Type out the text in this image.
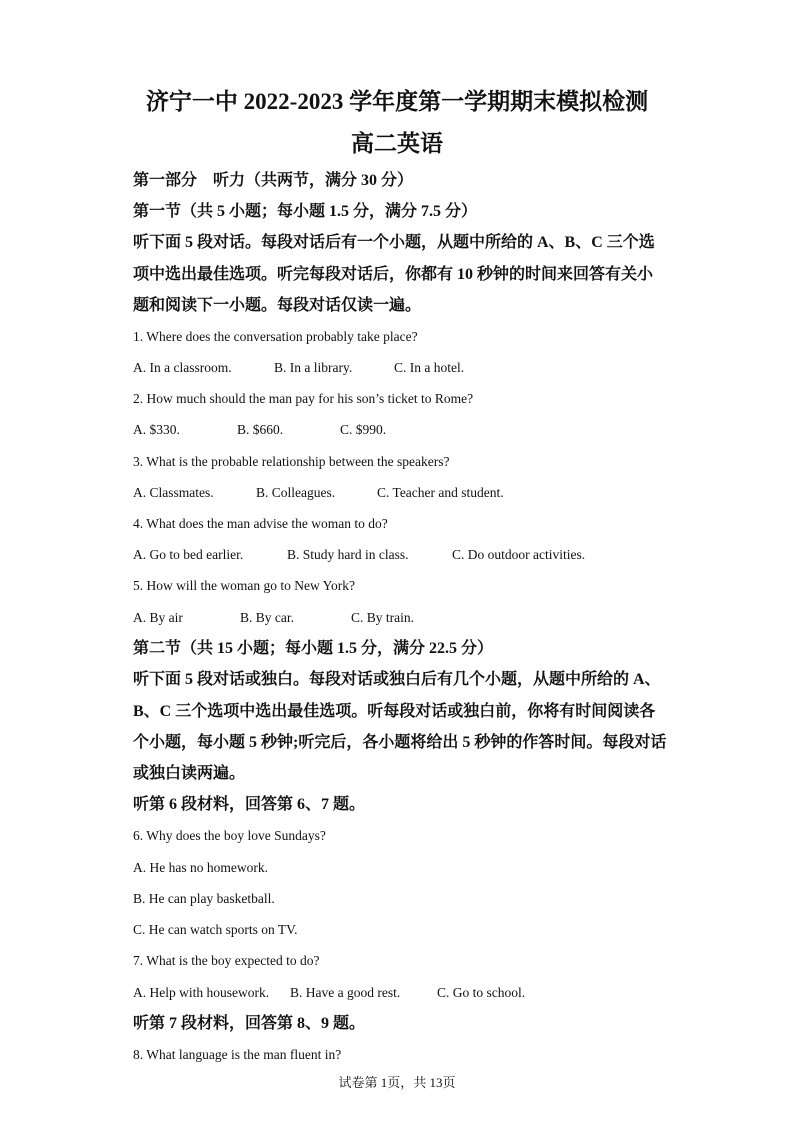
济宁一中 2022-2023 学年度第一学期期末模拟检测
高二英语
第一部分　听力（共两节，满分 30 分）
第一节（共 5 小题；每小题 1.5 分，满分 7.5 分）
听下面 5 段对话。每段对话后有一个小题，从题中所给的 A、B、C 三个选
项中选出最佳选项。听完每段对话后，你都有 10 秒钟的时间来回答有关小
题和阅读下一小题。每段对话仅读一遍。
1. Where does the conversation probably take place?
A. In a classroom.	B. In a library.	C. In a hotel.
2. How much should the man pay for his son’s ticket to Rome?
A. $330.	B. $660.	C. $990.
3. What is the probable relationship between the speakers?
A. Classmates.	B. Colleagues.	C. Teacher and student.
4. What does the man advise the woman to do?
A. Go to bed earlier.	B. Study hard in class.	C. Do outdoor activities.
5. How will the woman go to New York?
A. By air	B. By car.	C. By train.
第二节（共 15 小题；每小题 1.5 分，满分 22.5 分）
听下面 5 段对话或独白。每段对话或独白后有几个小题，从题中所给的 A、
B、C 三个选项中选出最佳选项。听每段对话或独白前，你将有时间阅读各
个小题，每小题 5 秒钟;听完后，各小题将给出 5 秒钟的作答时间。每段对话
或独白读两遍。
听第 6 段材料，回答第 6、7 题。
6. Why does the boy love Sundays?
A. He has no homework.
B. He can play basketball.
C. He can watch sports on TV.
7. What is the boy expected to do?
A. Help with housework. B. Have a good rest.	C. Go to school.
听第 7 段材料，回答第 8、9 题。
8. What language is the man fluent in?
试卷第 1页，共 13页
